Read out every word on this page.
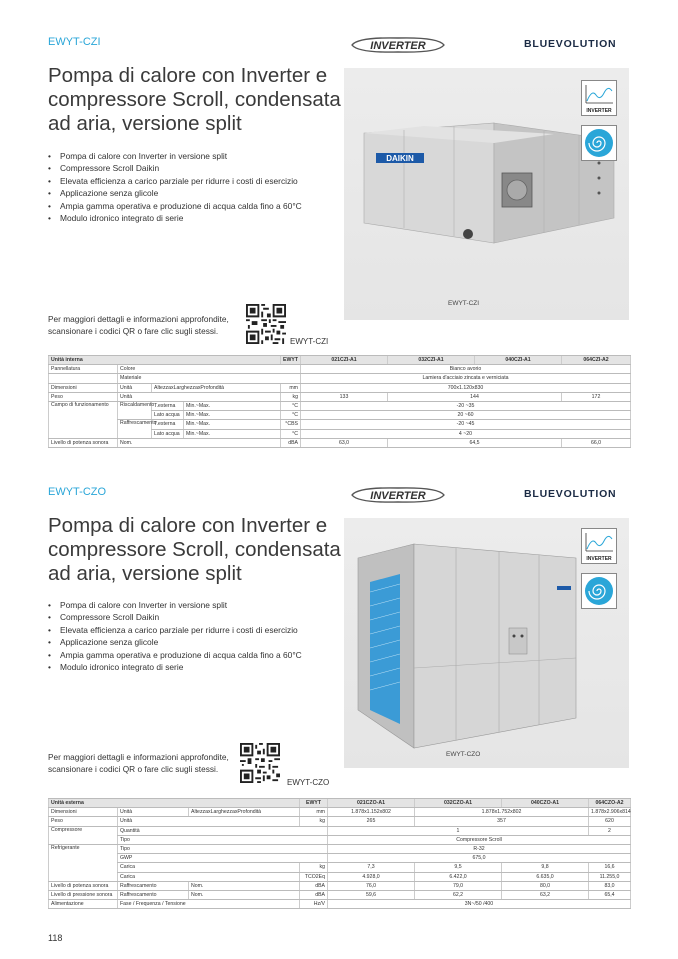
EWYT-CZI	INVERTER	BLUEVOLUTION
Pompa di calore con Inverter e compressore Scroll, condensata ad aria, versione split
• Pompa di calore con Inverter in versione split
• Compressore Scroll Daikin
• Elevata efficienza a carico parziale per ridurre i costi di esercizio
• Applicazione senza glicole
• Ampia gamma operativa e produzione di acqua calda fino a 60°C
• Modulo idronico integrato di serie
DAIKIN
INVERTER
EWYT-CZI

Per maggiori dettagli e informazioni approfondite, scansionare i codici QR o fare clic sugli stessi.

EWYT-CZI
Unità interna				EWYT	021CZI-A1	032CZI-A1	040CZI-A1	064CZI-A2
Pannellatura	Colore				Bianco avorio			
	Materiale				Lamiera d'acciaio zincata e verniciata			
Dimensioni	Unità	AltezzaxLarghezzaxProfondità		mm	700x1.120x830			
Peso	Unità			kg	133	144		172
Campo di funzionamento	Riscaldamento	T.esterna	Min.~Max.	°C	-20 ~35			
		Lato acqua	Min.~Max.	°C	20 ~60			
	Raffrescamento	T.esterna	Min.~Max.	°CBS	-20 ~45			
		Lato acqua	Min.~Max.	°C	4 ~20			
Livello di potenza sonora	Nom.			dBA	63,0	64,5		66,0
EWYT-CZO	INVERTER	BLUEVOLUTION
Pompa di calore con Inverter e compressore Scroll, condensata ad aria, versione split
• Pompa di calore con Inverter in versione split
• Compressore Scroll Daikin
• Elevata efficienza a carico parziale per ridurre i costi di esercizio
• Applicazione senza glicole
• Ampia gamma operativa e produzione di acqua calda fino a 60°C
• Modulo idronico integrato di serie
INVERTER
EWYT-CZO

Per maggiori dettagli e informazioni approfondite, scansionare i codici QR o fare clic sugli stessi.

EWYT-CZO
Unità esterna			EWYT	021CZO-A1	032CZO-A1	040CZO-A1	064CZO-A2
Dimensioni	Unità	AltezzaxLarghezzaxProfondità	mm	1.878x1.152x802	1.878x1.752x802		1.878x2.906x814
Peso	Unità		kg	265	357		620
Compressore	Quantità			1			2
	Tipo			Compressore Scroll			
Refrigerante	Tipo			R-32			
	GWP			675,0			
	Carica		kg	7,3	9,5	9,8	16,6
	Carica		TCO2Eq	4.928,0	6.422,0	6.635,0	11.255,0
Livello di potenza sonora	Raffrescamento	Nom.	dBA	76,0	79,0	80,0	83,0
Livello di pressione sonora	Raffrescamento	Nom.	dBA	59,6	62,2	63,2	65,4
Alimentazione	Fase / Frequenza / Tensione		Hz/V	3N~/50 /400			
118
